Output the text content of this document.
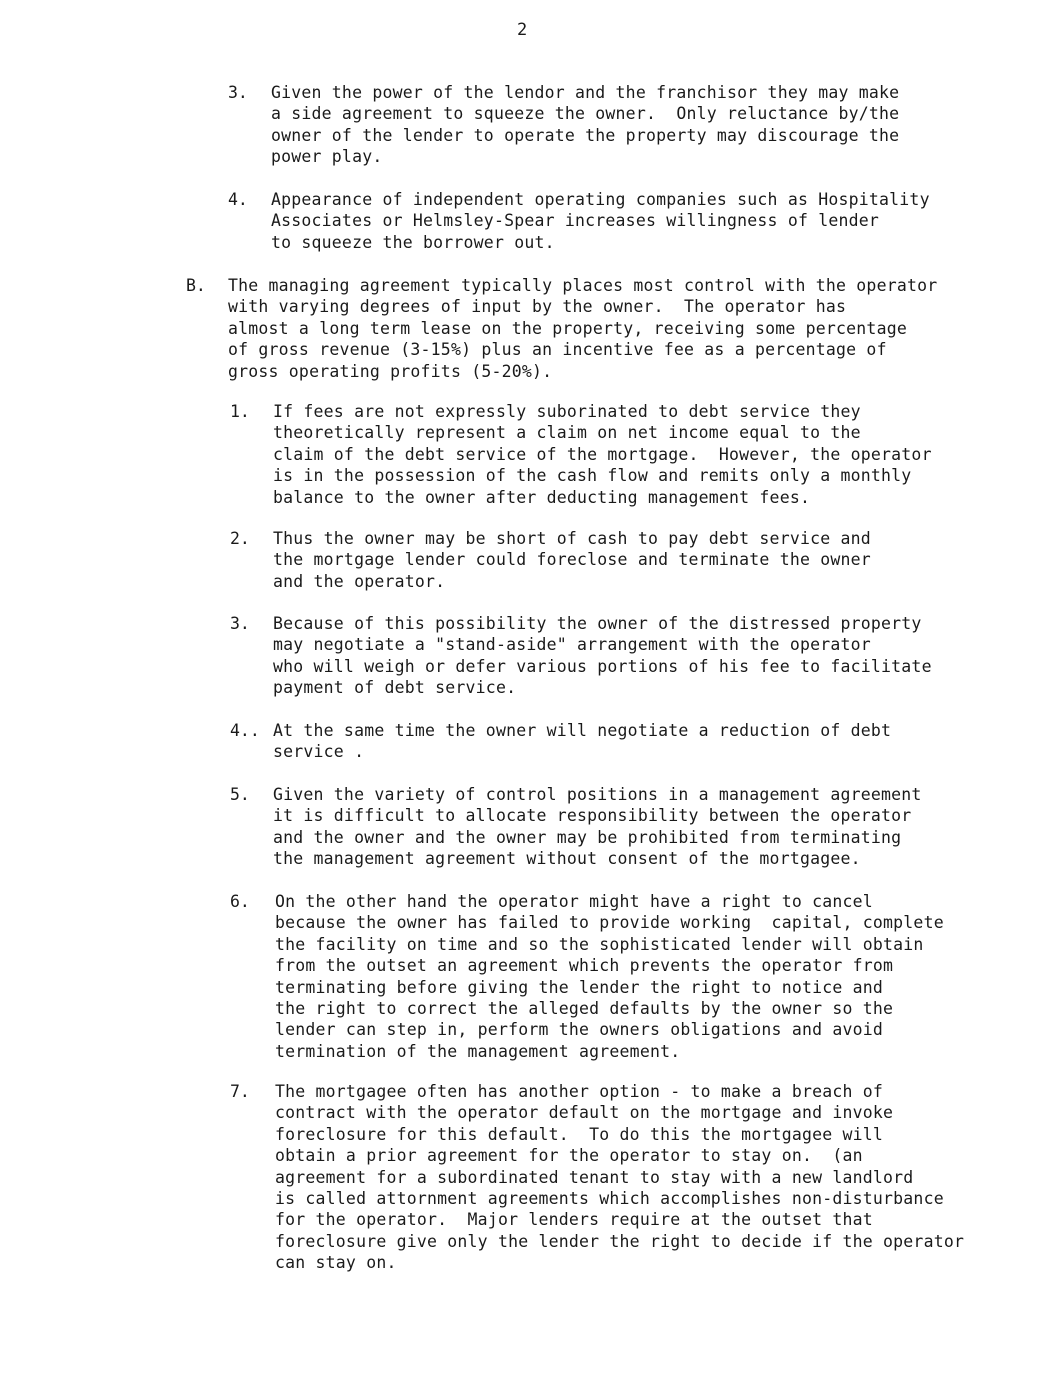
2
3. Given the power of the lendor and the franchisor they may make
a side agreement to squeeze the owner.  Only reluctance by/the
owner of the lender to operate the property may discourage the
power play.
4. Appearance of independent operating companies such as Hospitality
Associates or Helmsley-Spear increases willingness of lender
to squeeze the borrower out.
B. The managing agreement typically places most control with the operator
with varying degrees of input by the owner.  The operator has
almost a long term lease on the property, receiving some percentage
of gross revenue (3-15%) plus an incentive fee as a percentage of
gross operating profits (5-20%).
1. If fees are not expressly suborinated to debt service they
theoretically represent a claim on net income equal to the
claim of the debt service of the mortgage.  However, the operator
is in the possession of the cash flow and remits only a monthly
balance to the owner after deducting management fees.
2. Thus the owner may be short of cash to pay debt service and
the mortgage lender could foreclose and terminate the owner
and the operator.
3. Because of this possibility the owner of the distressed property
may negotiate a "stand-aside" arrangement with the operator
who will weigh or defer various portions of his fee to facilitate
payment of debt service.
4.. At the same time the owner will negotiate a reduction of debt
service .
5. Given the variety of control positions in a management agreement
it is difficult to allocate responsibility between the operator
and the owner and the owner may be prohibited from terminating
the management agreement without consent of the mortgagee.
6. On the other hand the operator might have a right to cancel
because the owner has failed to provide working  capital, complete
the facility on time and so the sophisticated lender will obtain
from the outset an agreement which prevents the operator from
terminating before giving the lender the right to notice and
the right to correct the alleged defaults by the owner so the
lender can step in, perform the owners obligations and avoid
termination of the management agreement.
7. The mortgagee often has another option - to make a breach of
contract with the operator default on the mortgage and invoke
foreclosure for this default.  To do this the mortgagee will
obtain a prior agreement for the operator to stay on.  (an
agreement for a subordinated tenant to stay with a new landlord
is called attornment agreements which accomplishes non-disturbance
for the operator.  Major lenders require at the outset that
foreclosure give only the lender the right to decide if the operator
can stay on.
